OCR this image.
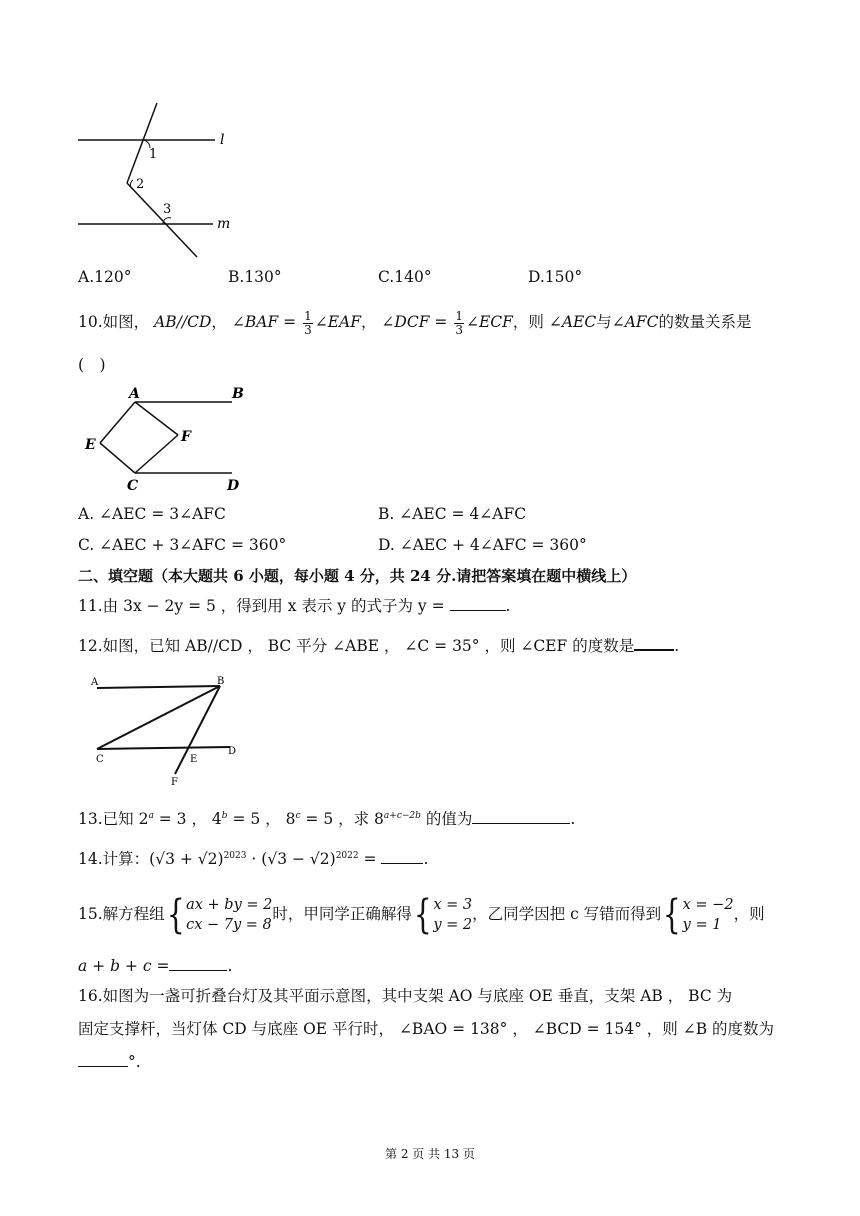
1
2
3
l
m
A.120°	B.130°	C.140°	D.150°
10.如图， AB//CD， ∠BAF = $\frac{1}{3}$ ∠EAF， ∠DCF = $\frac{1}{3}$ ∠ECF，则 ∠AEC与∠AFC的数量关系是
(　)
A	B
E	F
C	D
A. ∠AEC = 3∠AFC	B. ∠AEC = 4∠AFC
C. ∠AEC + 3∠AFC = 360°	D. ∠AEC + 4∠AFC = 360°
二、填空题（本大题共 6 小题，每小题 4 分，共 24 分.请把答案填在题中横线上）
11.由 3x − 2y = 5 ，得到用 x 表示 y 的式子为 y =	.
12.如图，已知 AB//CD ， BC 平分 ∠ABE ， ∠C = 35° ，则 ∠CEF 的度数是	.
A	B
C
D
E
F
13.已知 $2^a = 3$ ， $4^b = 5$ ， $8^c = 5$ ，求 $8^{a+c-2b}$ 的值为	.
14.计算：$(√3 + √2)^{2023} \cdot (√3 - √2)^{2022}$ =	.
15.解方程组{ ax + by = 2
cx − 7y = 8
时，甲同学正确解得{ x = 3
y = 2
，乙同学因把 c 写错而得到{ x = −2
y = 1
，则
a + b + c =	.
16.如图为一盏可折叠台灯及其平面示意图，其中支架 AO 与底座 OE 垂直，支架 AB ， BC 为
固定支撑杆，当灯体 CD 与底座 OE 平行时， ∠BAO = 138° ， ∠BCD = 154° ，则 ∠B 的度数为
°.
第 2 页 共 13 页
